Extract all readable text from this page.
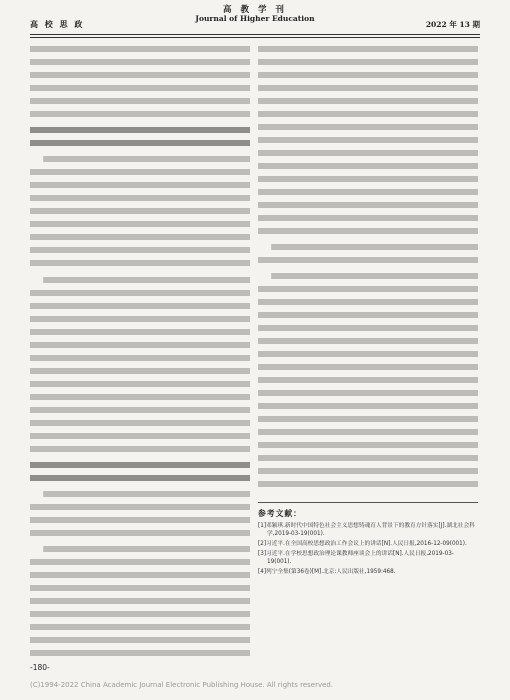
高 教 学 刊
Journal of Higher Education
高 校 思 政	2022 年 13 期
参考文献：

[1]邓颖琪.新时代中国特色社会主义思想铸魂育人背景下的教育方针落实[J].湖北社会科学,2019-03-19(001).

[2]习近平.在全国高校思想政治工作会议上的讲话[N].人民日报,2016-12-09(001).

[3]习近平.在学校思想政治理论课教师座谈会上的讲话[N].人民日报,2019-03-19(001).

[4]列宁全集(第36卷)[M].北京:人民出版社,1959:468.

-180-
(C)1994-2022 China Academic Journal Electronic Publishing House. All rights reserved.
